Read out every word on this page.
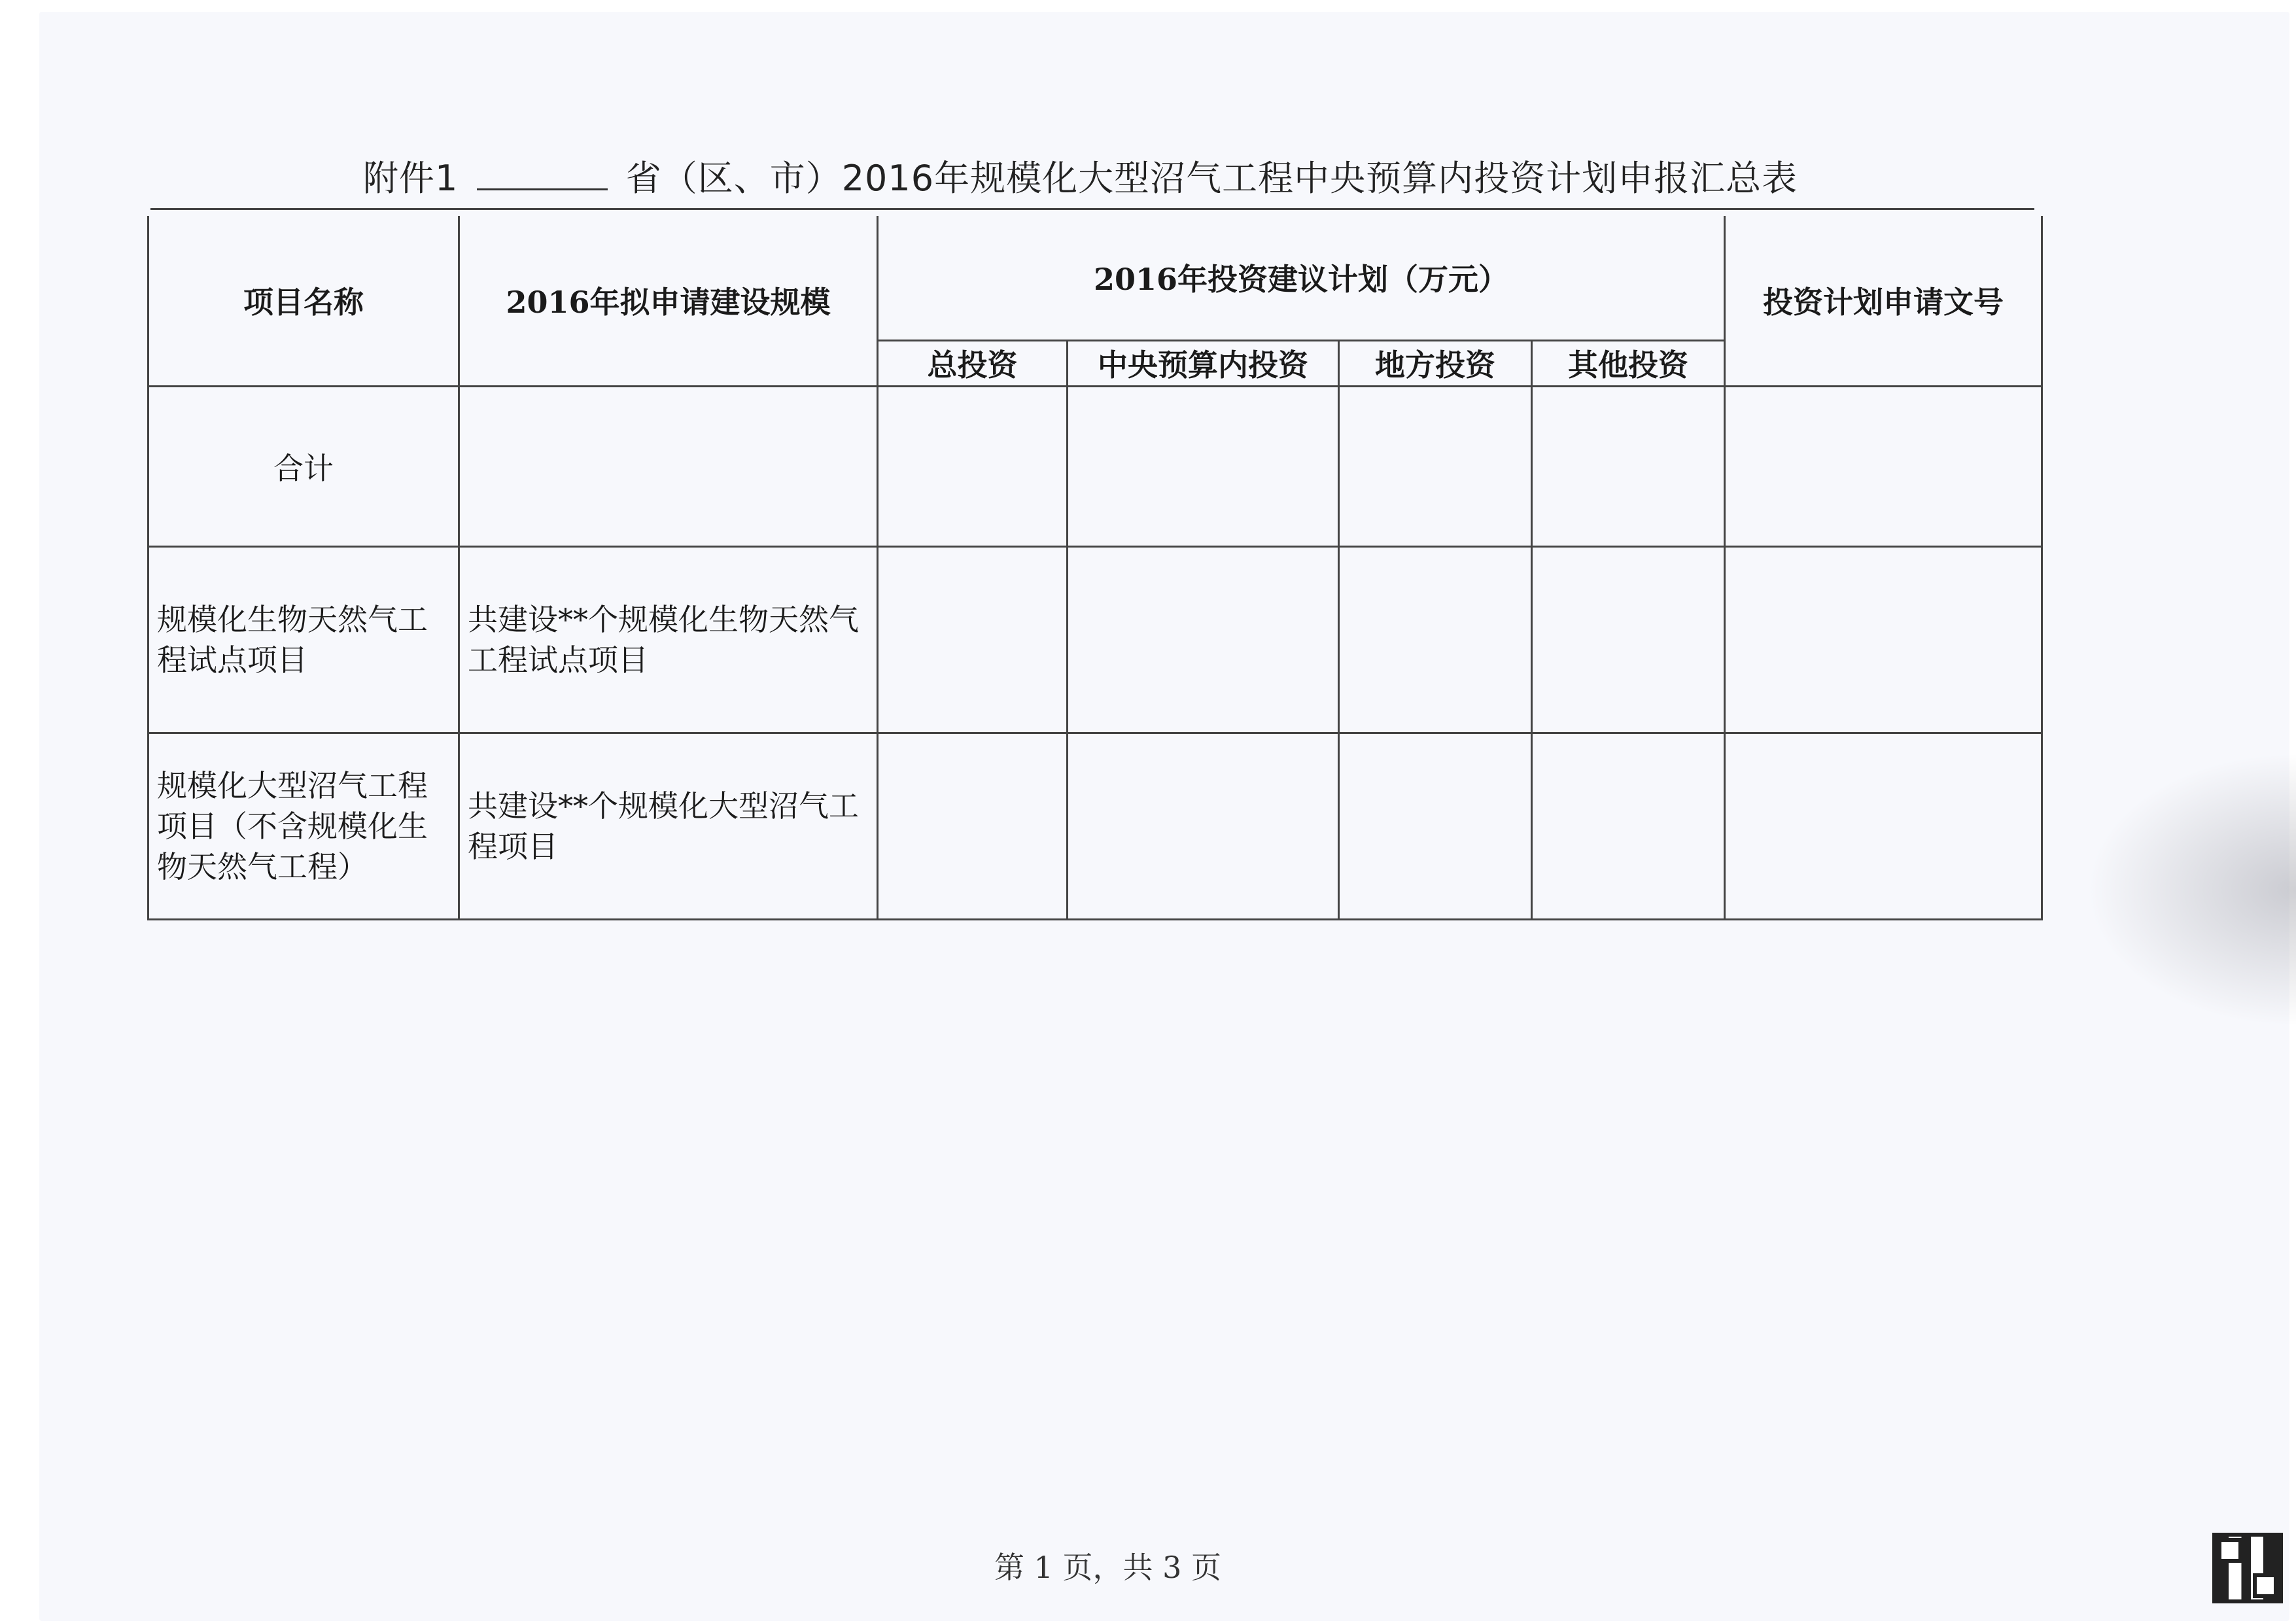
附件1	省（区、市）2016年规模化大型沼气工程中央预算内投资计划申报汇总表
项目名称	2016年拟申请建设规模	2016年投资建议计划（万元）				投资计划申请文号
		总投资	中央预算内投资	地方投资	其他投资	
合计						
规模化生物天然气工程试点项目	共建设**个规模化生物天然气工程试点项目					
规模化大型沼气工程项目（不含规模化生物天然气工程）	共建设**个规模化大型沼气工程项目					
第 1 页，共 3 页
